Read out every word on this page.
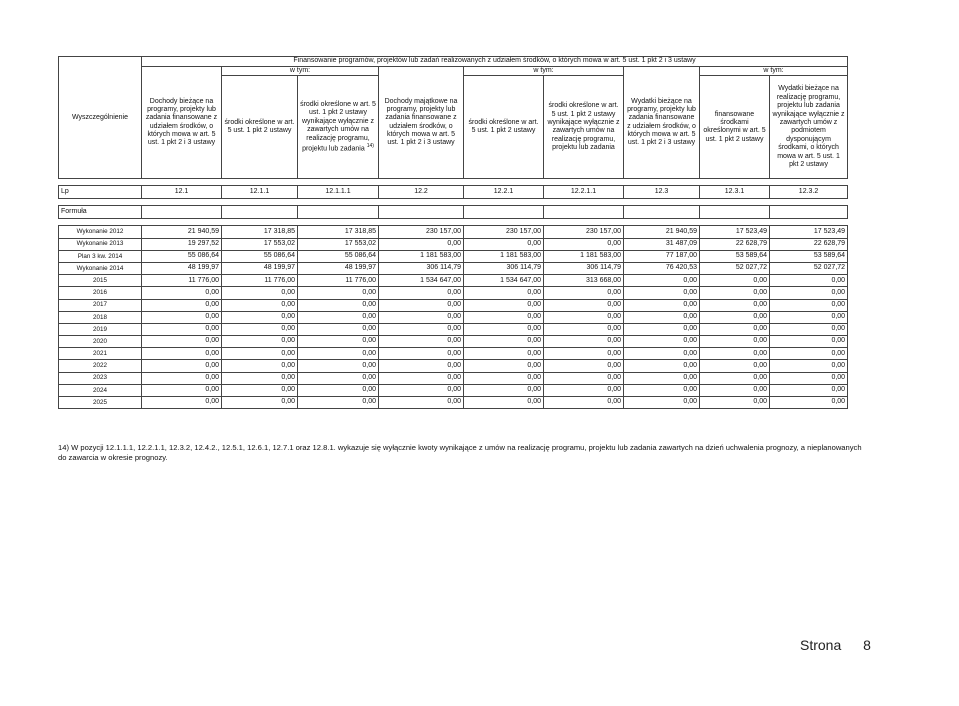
Wyszczególnienie	Finansowanie programów, projektów lub zadań realizowanych z udziałem środków, o których mowa w art. 5 ust. 1 pkt 2 i 3 ustawy								
	Dochody bieżące na programy, projekty lub zadania finansowane z udziałem środków, o których mowa w art. 5 ust. 1 pkt 2 i 3 ustawy	w tym:		Dochody majątkowe na programy, projekty lub zadania finansowane z udziałem środków, o których mowa w art. 5 ust. 1 pkt 2 i 3 ustawy	w tym:		Wydatki bieżące na programy, projekty lub zadania finansowane z udziałem środków, o których mowa w art. 5 ust. 1 pkt 2 i 3 ustawy	w tym:	
		środki określone w art. 5 ust. 1 pkt 2 ustawy	środki określone w art. 5 ust. 1 pkt 2 ustawy wynikające wyłącznie z zawartych umów na realizację programu, projektu lub zadania $^{14)}$		środki określone w art. 5 ust. 1 pkt 2 ustawy	środki określone w art. 5 ust. 1 pkt 2 ustawy wynikające wyłącznie z zawartych umów na realizację programu, projektu lub zadania		finansowane środkami określonymi w art. 5 ust. 1 pkt 2 ustawy	Wydatki bieżące na realizację programu, projektu lub zadania wynikające wyłącznie z zawartych umów z podmiotem dysponującym środkami, o których mowa w art. 5 ust. 1 pkt 2 ustawy

Lp	12.1	12.1.1	12.1.1.1	12.2	12.2.1	12.2.1.1	12.3	12.3.1	12.3.2

Formuła									

Wykonanie 2012	21 940,59	17 318,85	17 318,85	230 157,00	230 157,00	230 157,00	21 940,59	17 523,49	17 523,49
Wykonanie 2013	19 297,52	17 553,02	17 553,02	0,00	0,00	0,00	31 487,09	22 628,79	22 628,79
Plan 3 kw. 2014	55 086,64	55 086,64	55 086,64	1 181 583,00	1 181 583,00	1 181 583,00	77 187,00	53 589,64	53 589,64
Wykonanie 2014	48 199,97	48 199,97	48 199,97	306 114,79	306 114,79	306 114,79	76 420,53	52 027,72	52 027,72
2015	11 776,00	11 776,00	11 776,00	1 534 647,00	1 534 647,00	313 668,00	0,00	0,00	0,00
2016	0,00	0,00	0,00	0,00	0,00	0,00	0,00	0,00	0,00
2017	0,00	0,00	0,00	0,00	0,00	0,00	0,00	0,00	0,00
2018	0,00	0,00	0,00	0,00	0,00	0,00	0,00	0,00	0,00
2019	0,00	0,00	0,00	0,00	0,00	0,00	0,00	0,00	0,00
2020	0,00	0,00	0,00	0,00	0,00	0,00	0,00	0,00	0,00
2021	0,00	0,00	0,00	0,00	0,00	0,00	0,00	0,00	0,00
2022	0,00	0,00	0,00	0,00	0,00	0,00	0,00	0,00	0,00
2023	0,00	0,00	0,00	0,00	0,00	0,00	0,00	0,00	0,00
2024	0,00	0,00	0,00	0,00	0,00	0,00	0,00	0,00	0,00
2025	0,00	0,00	0,00	0,00	0,00	0,00	0,00	0,00	0,00
14) W pozycji 12.1.1.1, 12.2.1.1, 12.3.2, 12.4.2., 12.5.1, 12.6.1, 12.7.1 oraz 12.8.1. wykazuje się wyłącznie kwoty wynikające z umów na realizację programu, projektu lub zadania zawartych na dzień uchwalenia prognozy, a nieplanowanych do zawarcia w okresie prognozy.
Strona 8
